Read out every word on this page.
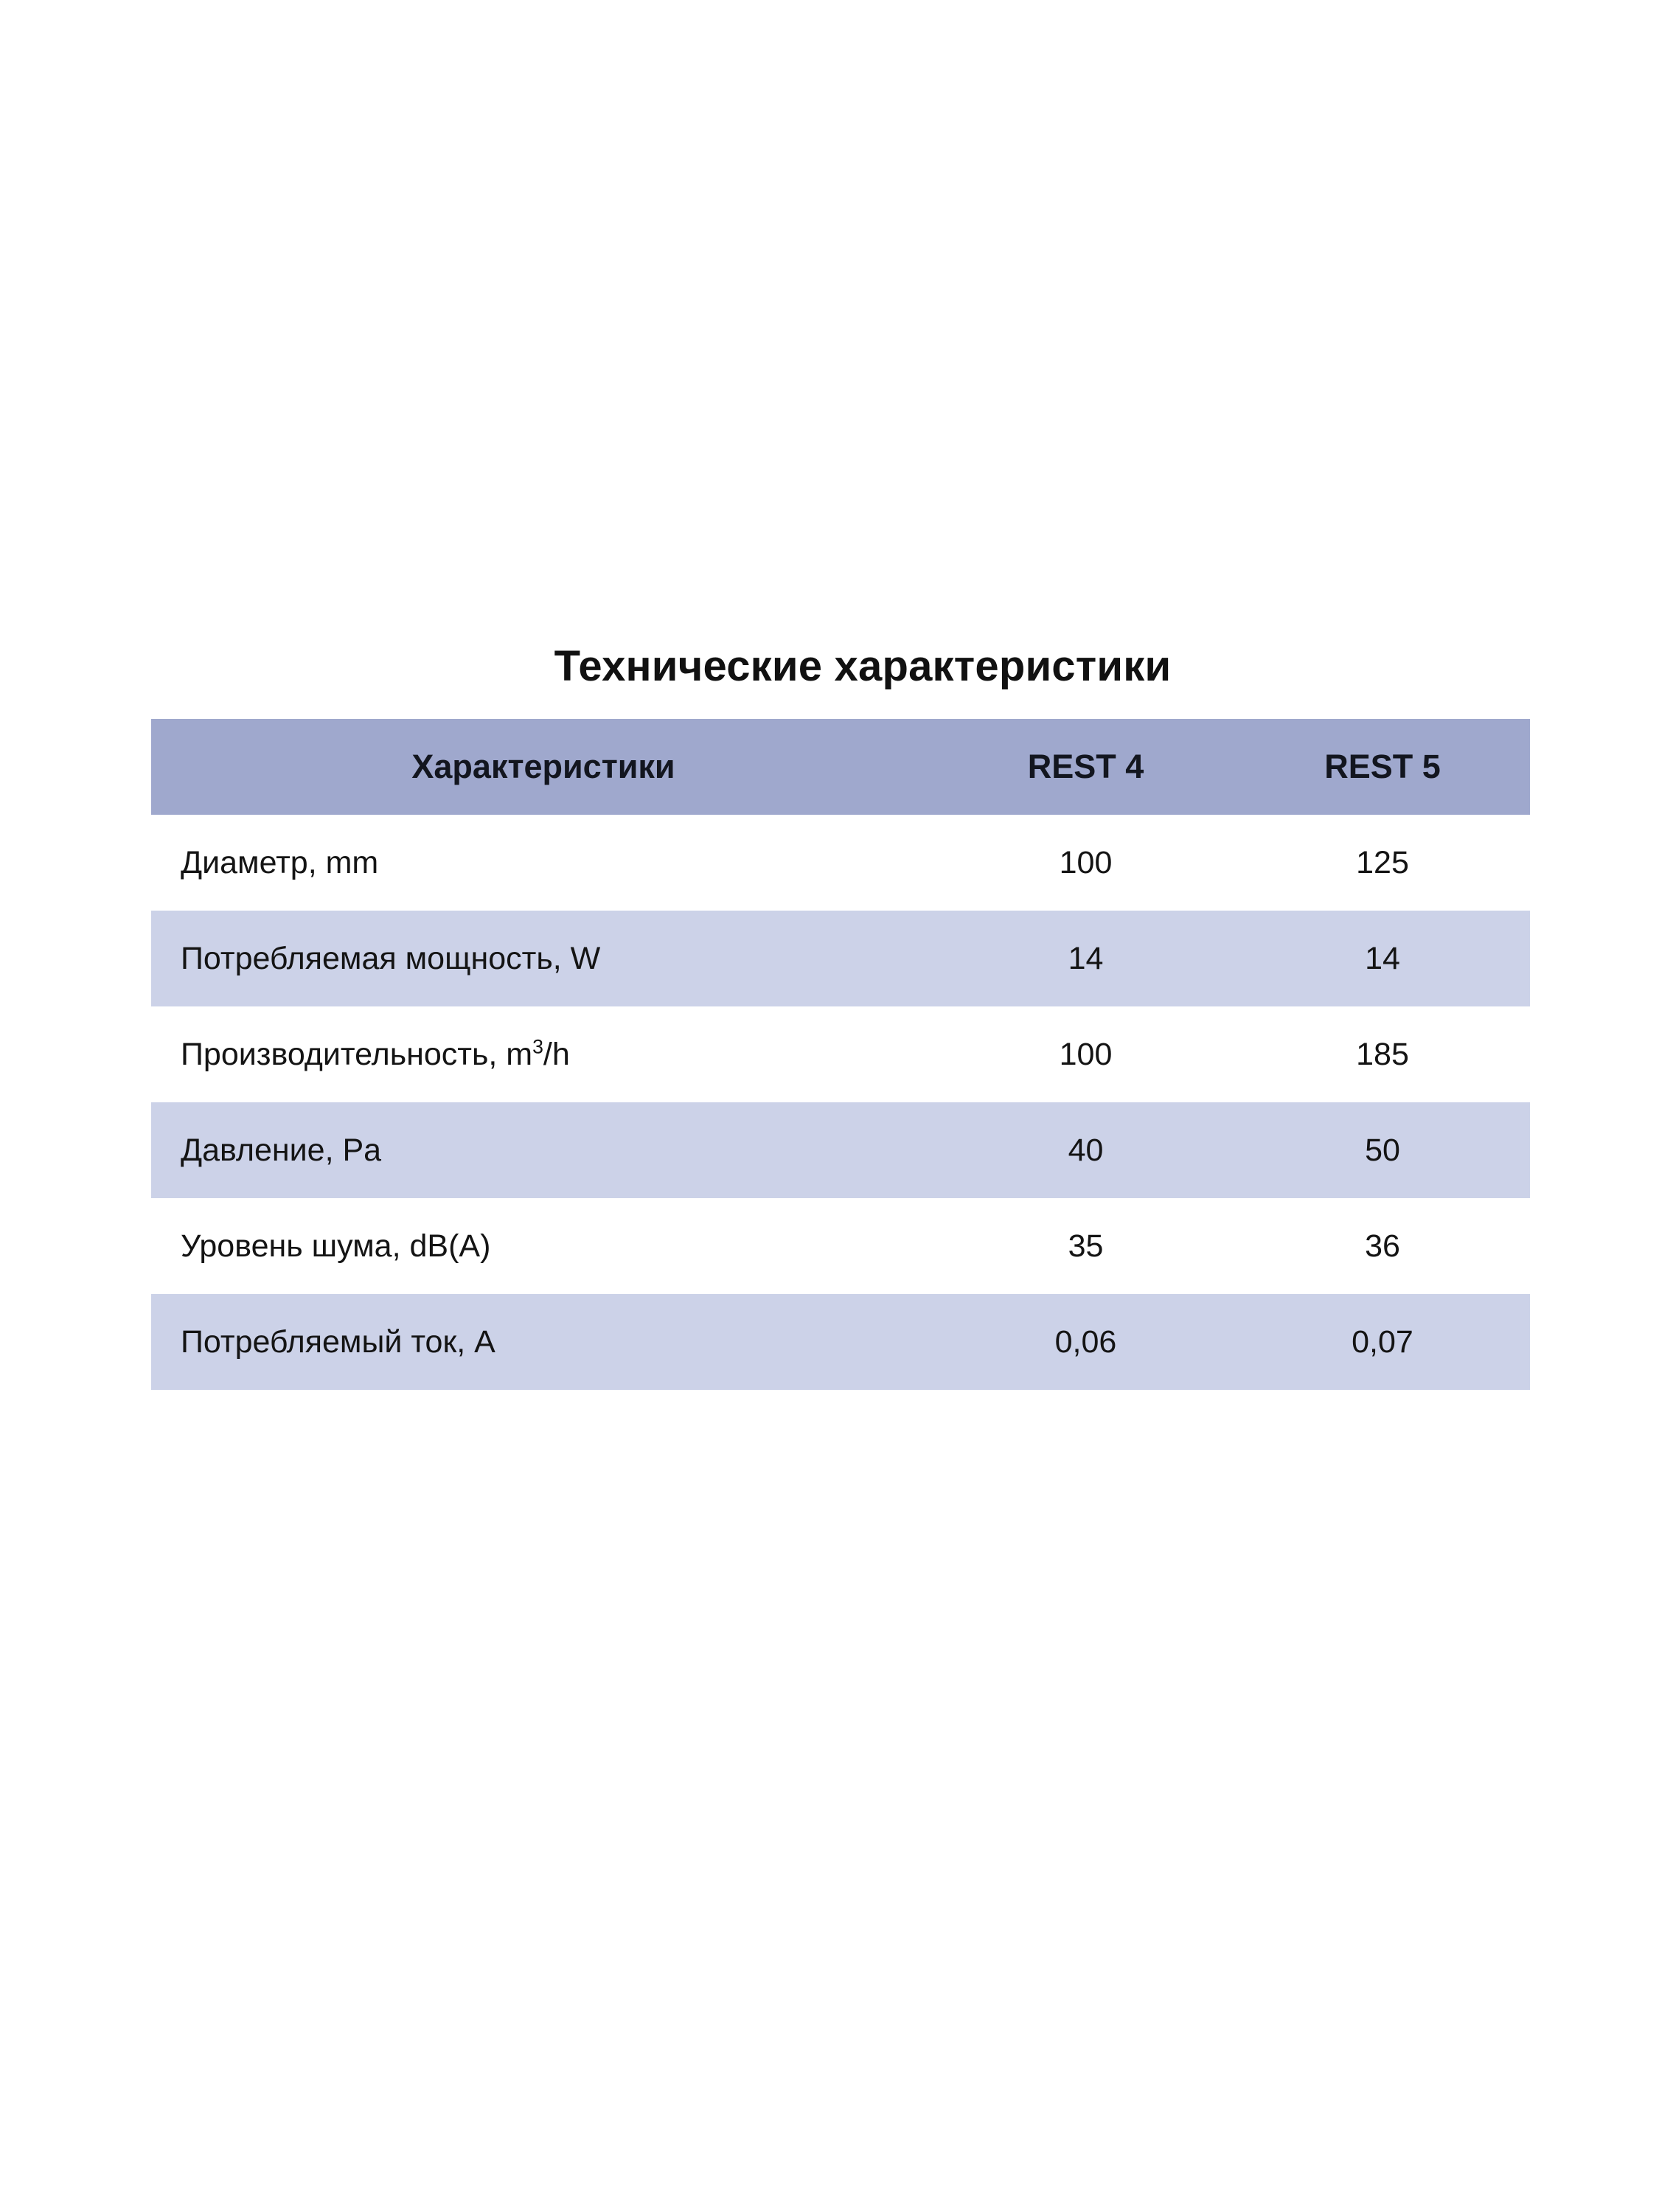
Технические характеристики
Характеристики	REST 4	REST 5
Диаметр, mm	100	125
Потребляемая мощность, W	14	14
Производительность, $m^3/h$	100	185
Давление, Pa	40	50
Уровень шума, dB(A)	35	36
Потребляемый ток, A	0,06	0,07
